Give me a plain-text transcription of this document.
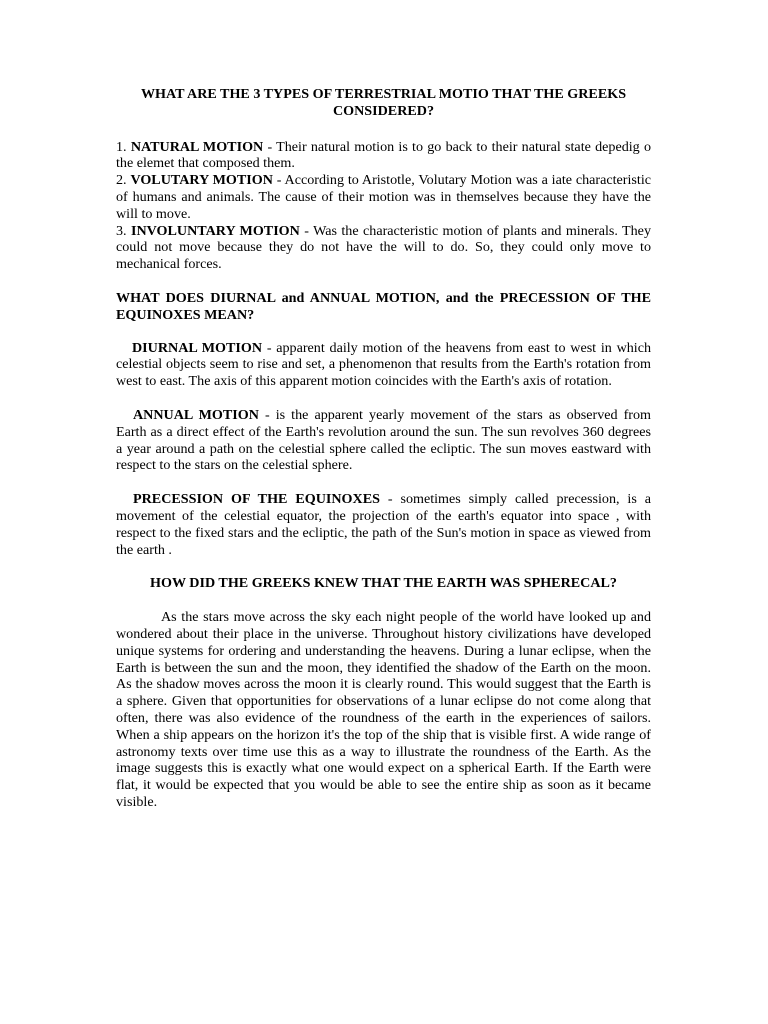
WHAT ARE THE 3 TYPES OF TERRESTRIAL MOTIO THAT THE GREEKS CONSIDERED?

1. NATURAL MOTION - Their natural motion is to go back to their natural state depedig o the elemet that composed them.

2. VOLUTARY MOTION - According to Aristotle, Volutary Motion was a iate characteristic of humans and animals. The cause of their motion was in themselves because they have the will to move.

3. INVOLUNTARY MOTION - Was the characteristic motion of plants and minerals. They could not move because they do not have the will to do. So, they could only move to mechanical forces.

WHAT DOES DIURNAL and ANNUAL MOTION, and the PRECESSION OF THE EQUINOXES MEAN?

DIURNAL MOTION - apparent daily motion of the heavens from east to west in which celestial objects seem to rise and set, a phenomenon that results from the Earth's rotation from west to east. The axis of this apparent motion coincides with the Earth's axis of rotation.

ANNUAL MOTION - is the apparent yearly movement of the stars as observed from Earth as a direct effect of the Earth's revolution around the sun. The sun revolves 360 degrees a year around a path on the celestial sphere called the ecliptic. The sun moves eastward with respect to the stars on the celestial sphere.

PRECESSION OF THE EQUINOXES - sometimes simply called precession, is a movement of the celestial equator, the projection of the earth's equator into space , with respect to the fixed stars and the ecliptic, the path of the Sun's motion in space as viewed from the earth .

HOW DID THE GREEKS KNEW THAT THE EARTH WAS SPHERECAL?

As the stars move across the sky each night people of the world have looked up and wondered about their place in the universe. Throughout history civilizations have developed unique systems for ordering and understanding the heavens. During a lunar eclipse, when the Earth is between the sun and the moon, they identified the shadow of the Earth on the moon. As the shadow moves across the moon it is clearly round. This would suggest that the Earth is a sphere. Given that opportunities for observations of a lunar eclipse do not come along that often, there was also evidence of the roundness of the earth in the experiences of sailors. When a ship appears on the horizon it's the top of the ship that is visible first. A wide range of astronomy texts over time use this as a way to illustrate the roundness of the Earth. As the image suggests this is exactly what one would expect on a spherical Earth. If the Earth were flat, it would be expected that you would be able to see the entire ship as soon as it became visible.
